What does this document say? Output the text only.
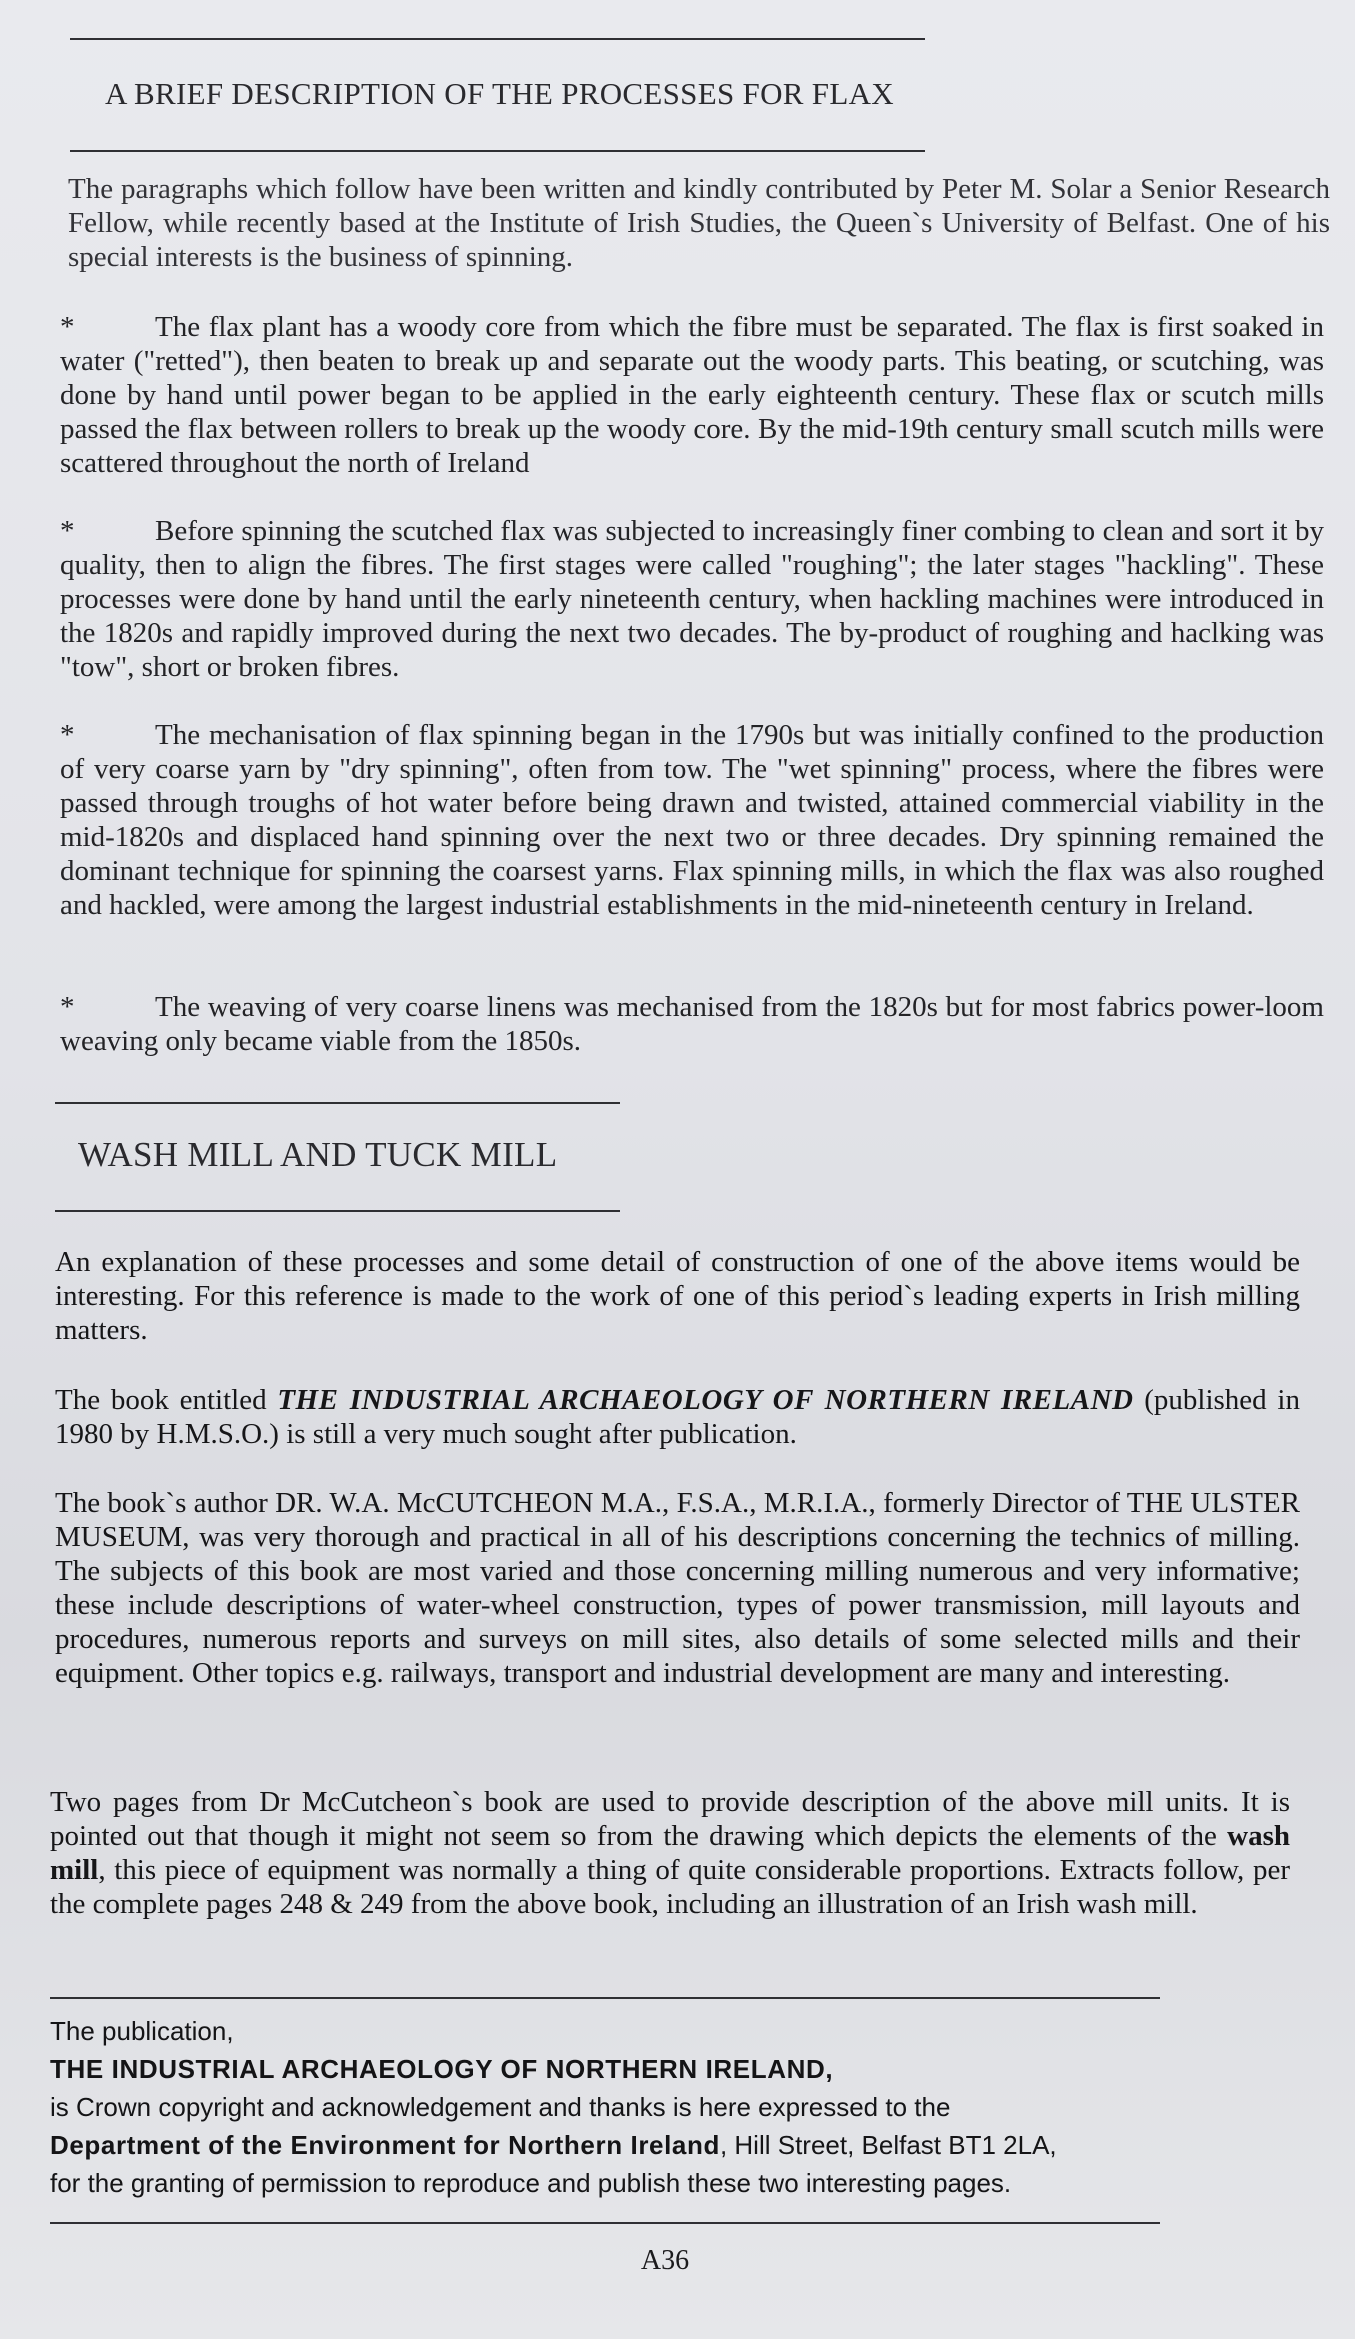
A BRIEF DESCRIPTION OF THE PROCESSES FOR FLAX

The paragraphs which follow have been written and kindly contributed by Peter M. Solar a Senior Research Fellow, while recently based at the Institute of Irish Studies, the Queen`s University of Belfast. One of his special interests is the business of spinning.

*	The flax plant has a woody core from which the fibre must be separated. The flax is first soaked in water ("retted"), then beaten to break up and separate out the woody parts. This beating, or scutching, was done by hand until power began to be applied in the early eighteenth century. These flax or scutch mills passed the flax between rollers to break up the woody core. By the mid-19th century small scutch mills were scattered throughout the north of Ireland

*	Before spinning the scutched flax was subjected to increasingly finer combing to clean and sort it by quality, then to align the fibres. The first stages were called "roughing"; the later stages "hackling". These processes were done by hand until the early nineteenth century, when hackling machines were introduced in the 1820s and rapidly improved during the next two decades. The by-product of roughing and haclking was "tow", short or broken fibres.

*	The mechanisation of flax spinning began in the 1790s but was initially confined to the production of very coarse yarn by "dry spinning", often from tow. The "wet spinning" process, where the fibres were passed through troughs of hot water before being drawn and twisted, attained commercial viability in the mid-1820s and displaced hand spinning over the next two or three decades. Dry spinning remained the dominant technique for spinning the coarsest yarns. Flax spinning mills, in which the flax was also roughed and hackled, were among the largest industrial establishments in the mid-nineteenth century in Ireland.

*	The weaving of very coarse linens was mechanised from the 1820s but for most fabrics power-loom weaving only became viable from the 1850s.

WASH MILL AND TUCK MILL

An explanation of these processes and some detail of construction of one of the above items would be interesting. For this reference is made to the work of one of this period`s leading experts in Irish milling matters.

The book entitled THE INDUSTRIAL ARCHAEOLOGY OF NORTHERN IRELAND (published in 1980 by H.M.S.O.) is still a very much sought after publication.

The book`s author DR. W.A. McCUTCHEON M.A., F.S.A., M.R.I.A., formerly Director of THE ULSTER MUSEUM, was very thorough and practical in all of his descriptions concerning the technics of milling. The subjects of this book are most varied and those concerning milling numerous and very informative; these include descriptions of water-wheel construction, types of power transmission, mill layouts and procedures, numerous reports and surveys on mill sites, also details of some selected mills and their equipment. Other topics e.g. railways, transport and industrial development are many and interesting.

Two pages from Dr McCutcheon`s book are used to provide description of the above mill units. It is pointed out that though it might not seem so from the drawing which depicts the elements of the wash mill, this piece of equipment was normally a thing of quite considerable proportions. Extracts follow, per the complete pages 248 & 249 from the above book, including an illustration of an Irish wash mill.

The publication,
THE INDUSTRIAL ARCHAEOLOGY OF NORTHERN IRELAND,
is Crown copyright and acknowledgement and thanks is here expressed to the
Department of the Environment for Northern Ireland, Hill Street, Belfast BT1 2LA,
for the granting of permission to reproduce and publish these two interesting pages.
A36
